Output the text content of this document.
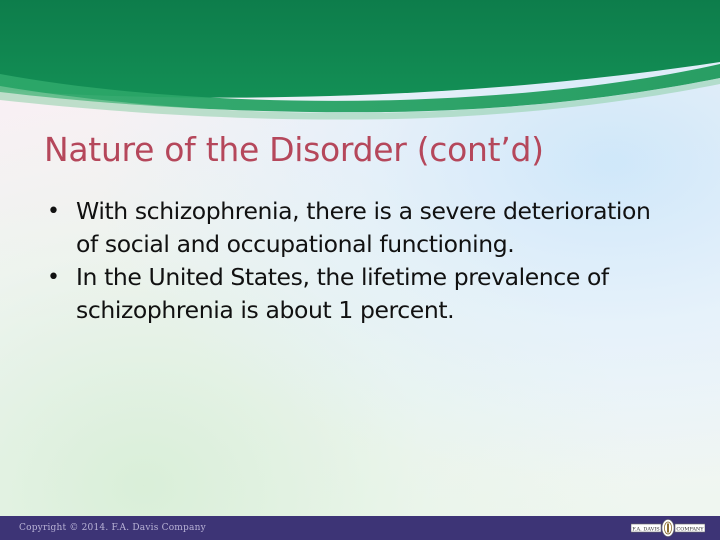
Nature of the Disorder (cont’d)
• With schizophrenia, there is a severe deterioration of social and occupational functioning.
• In the United States, the lifetime prevalence of schizophrenia is about 1 percent.
Copyright © 2014. F.A. Davis Company	F.A. DAVIS	COMPANY
